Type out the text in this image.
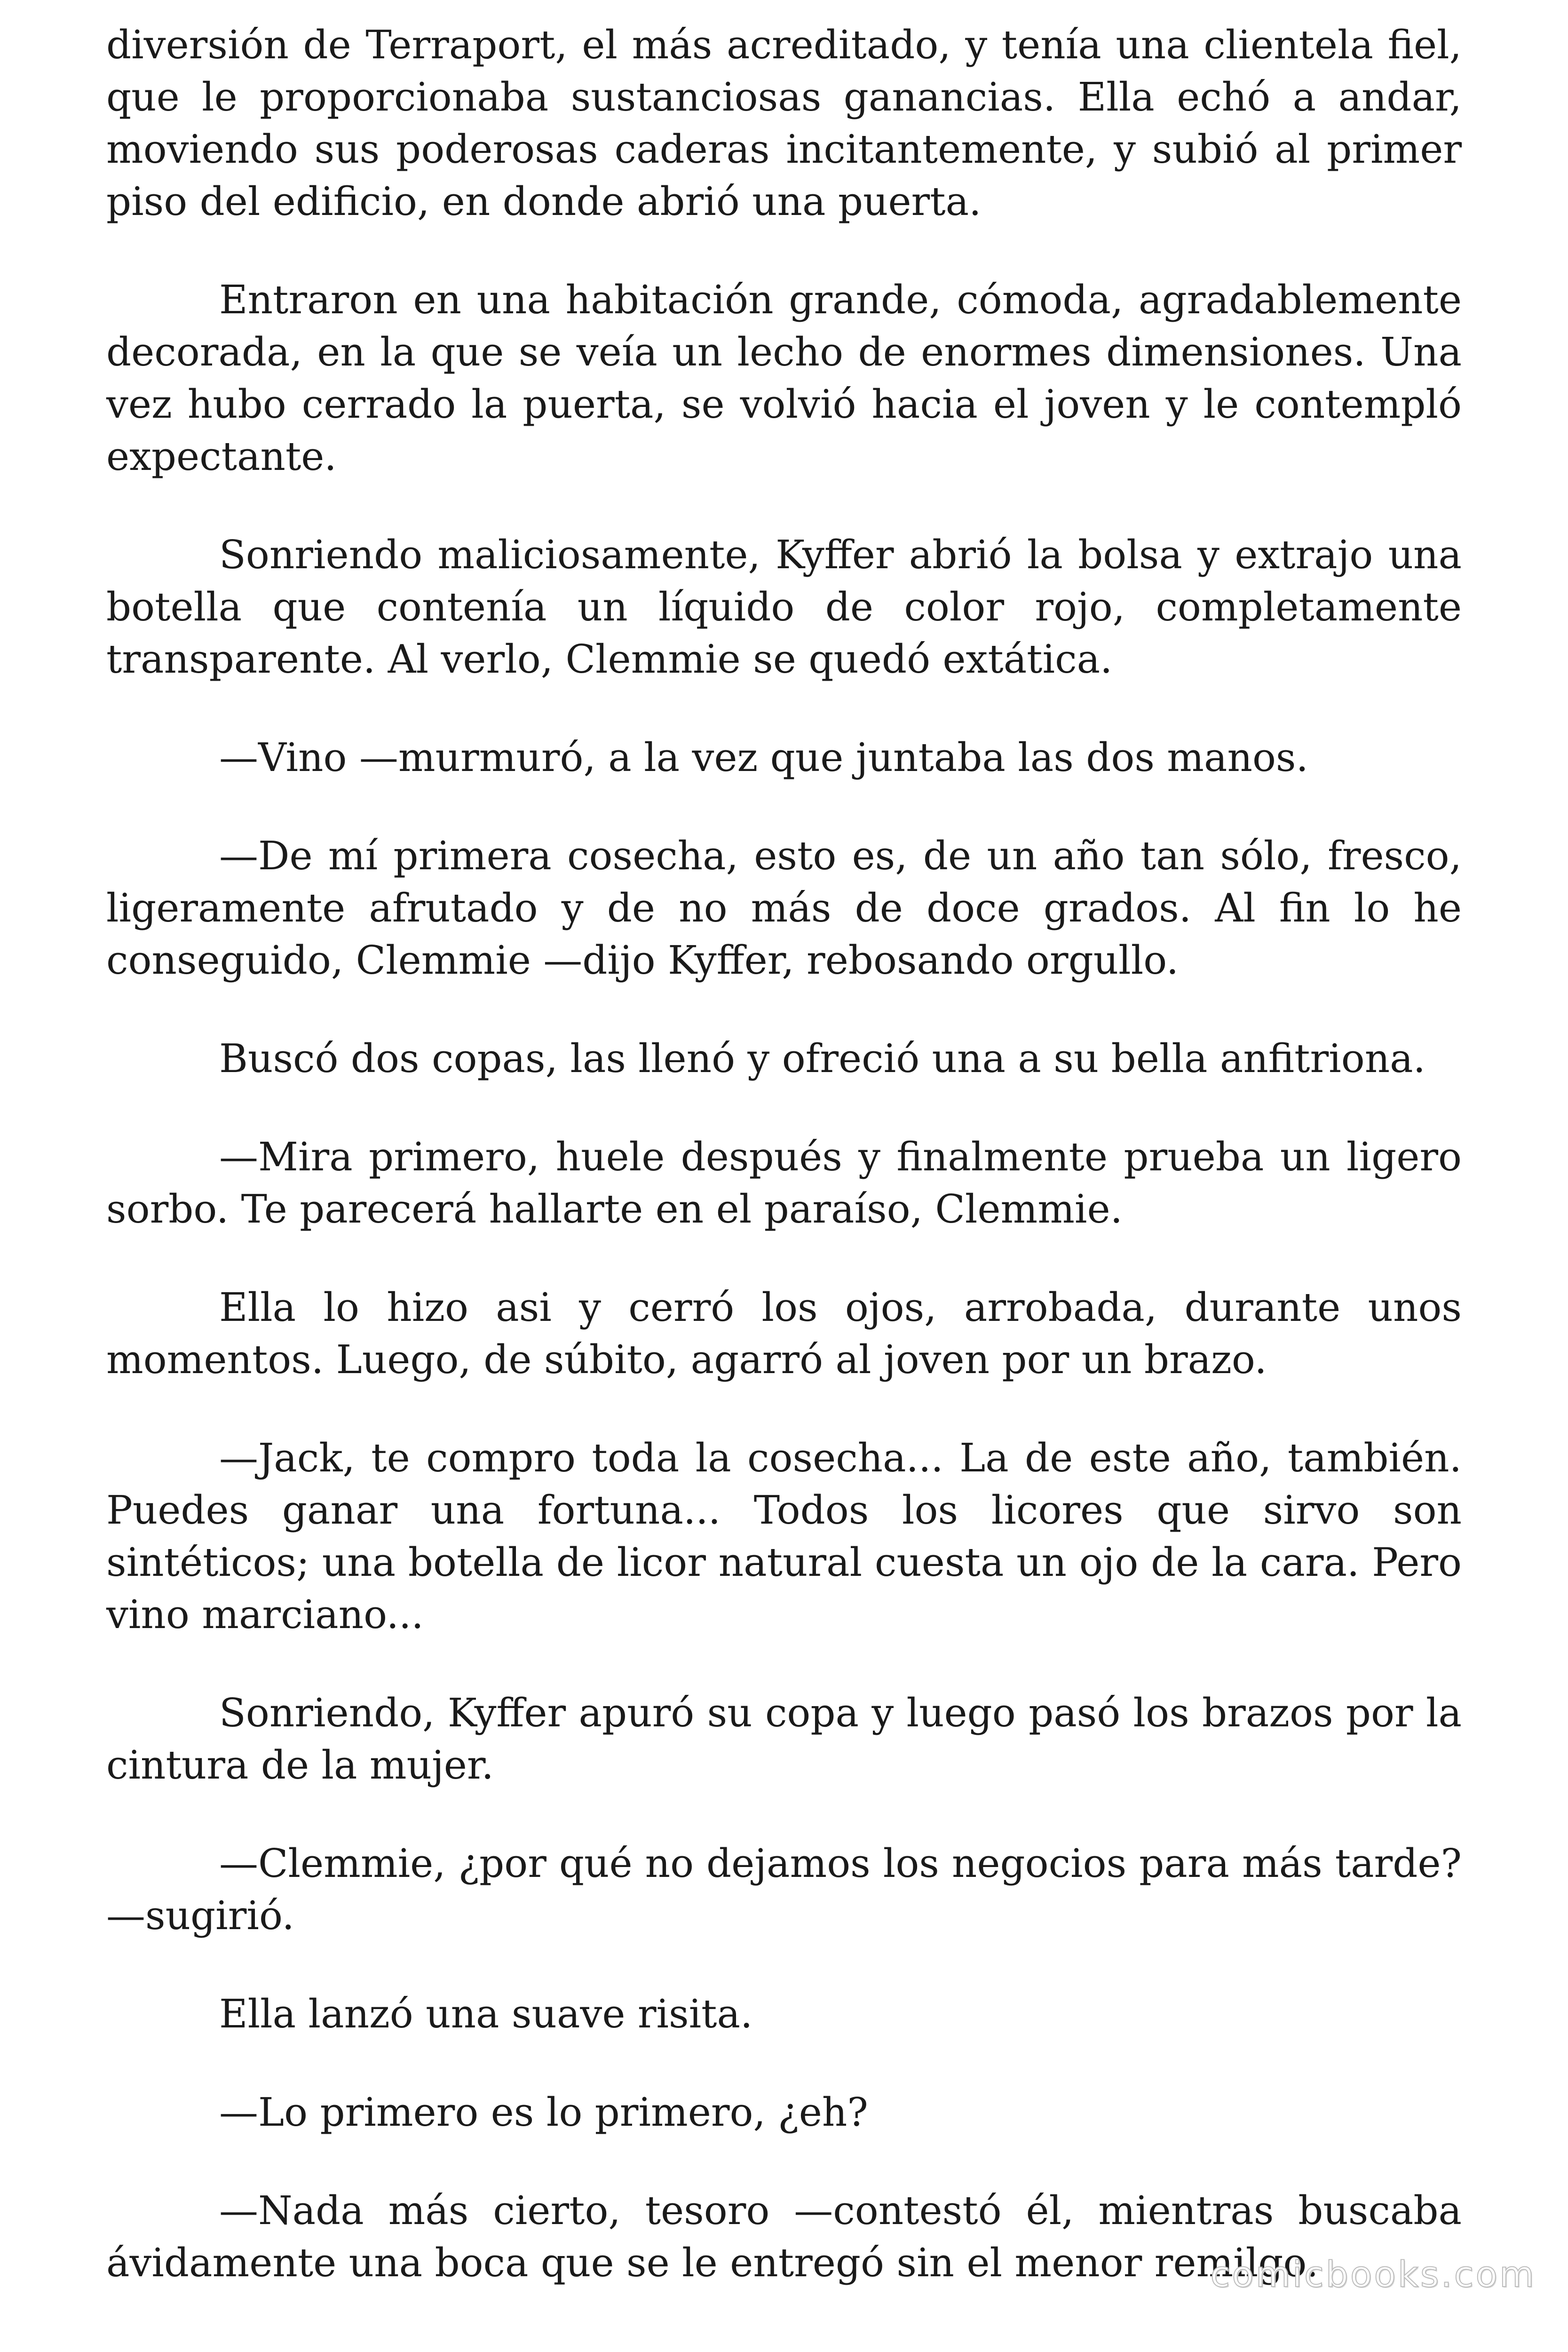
diversión de Terraport, el más acreditado, y tenía una clientela fiel, que le proporcionaba sustanciosas ganancias. Ella echó a andar, moviendo sus poderosas caderas incitantemente, y subió al primer piso del edificio, en donde abrió una puerta.

Entraron en una habitación grande, cómoda, agradablemente decorada, en la que se veía un lecho de enormes dimensiones. Una vez hubo cerrado la puerta, se volvió hacia el joven y le contempló expectante.

Sonriendo maliciosamente, Kyffer abrió la bolsa y extrajo una botella que contenía un líquido de color rojo, completamente transparente. Al verlo, Clemmie se quedó extática.

—Vino —murmuró, a la vez que juntaba las dos manos.

—De mí primera cosecha, esto es, de un año tan sólo, fresco, ligeramente afrutado y de no más de doce grados. Al fin lo he conseguido, Clemmie —dijo Kyffer, rebosando orgullo.

Buscó dos copas, las llenó y ofreció una a su bella anfitriona.

—Mira primero, huele después y finalmente prueba un ligero sorbo. Te parecerá hallarte en el paraíso, Clemmie.

Ella lo hizo asi y cerró los ojos, arrobada, durante unos momentos. Luego, de súbito, agarró al joven por un brazo.

—Jack, te compro toda la cosecha... La de este año, también. Puedes ganar una fortuna... Todos los licores que sirvo son sintéticos; una botella de licor natural cuesta un ojo de la cara. Pero vino marciano...

Sonriendo, Kyffer apuró su copa y luego pasó los brazos por la cintura de la mujer.

—Clemmie, ¿por qué no dejamos los negocios para más tarde? —sugirió.

Ella lanzó una suave risita.

—Lo primero es lo primero, ¿eh?

—Nada más cierto, tesoro —contestó él, mientras buscaba ávidamente una boca que se le entregó sin el menor remilgo.

comicbooks.com
